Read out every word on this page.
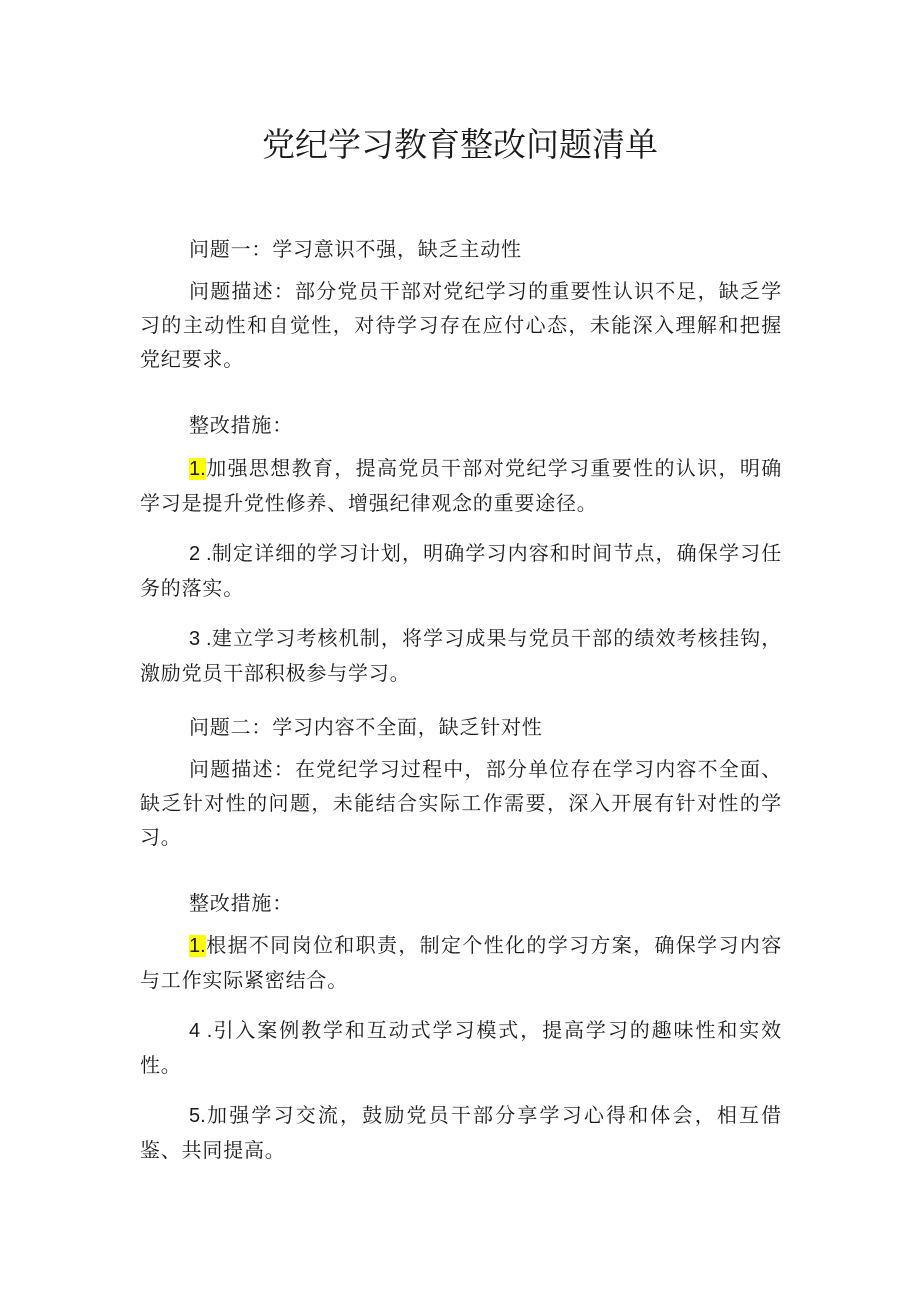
党纪学习教育整改问题清单
问题一：学习意识不强，缺乏主动性
问题描述：部分党员干部对党纪学习的重要性认识不足，缺乏学习的主动性和自觉性，对待学习存在应付心态，未能深入理解和把握党纪要求。
整改措施：
1.加强思想教育，提高党员干部对党纪学习重要性的认识，明确学习是提升党性修养、增强纪律观念的重要途径。
2 .制定详细的学习计划，明确学习内容和时间节点，确保学习任务的落实。
3 .建立学习考核机制，将学习成果与党员干部的绩效考核挂钩，激励党员干部积极参与学习。
问题二：学习内容不全面，缺乏针对性
问题描述：在党纪学习过程中，部分单位存在学习内容不全面、缺乏针对性的问题，未能结合实际工作需要，深入开展有针对性的学习。
整改措施：
1.根据不同岗位和职责，制定个性化的学习方案，确保学习内容与工作实际紧密结合。
4 .引入案例教学和互动式学习模式，提高学习的趣味性和实效性。
5.加强学习交流，鼓励党员干部分享学习心得和体会，相互借鉴、共同提高。
